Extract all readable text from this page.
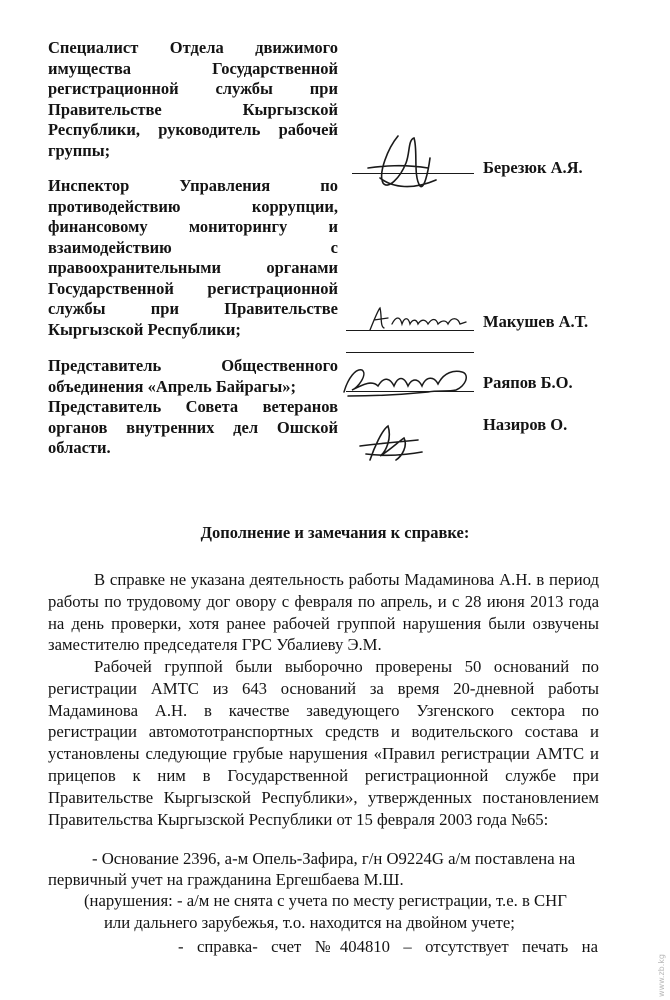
Специалист Отдела движимого имущества Государственной регистрационной службы при Правительстве Кыргызской Республики, руководитель рабочей группы;
Березюк А.Я.
Инспектор Управления по противодействию коррупции, финансовому мониторингу и взаимодействию с правоохранительными органами Государственной регистрационной службы при Правительстве Кыргызской Республики;	Макушев А.Т.
Представитель Общественного объединения «Апрель Байрагы»;	Раяпов Б.О.
Представитель Совета ветеранов органов внутренних дел Ошской области.
Назиров О.
Дополнение и замечания к справке:

В справке не указана деятельность работы Мадаминова А.Н. в период работы по трудовому дог овору с февраля по апрель, и с 28 июня 2013 года на день проверки, хотя ранее рабочей группой нарушения были озвучены заместителю председателя ГРС Убалиеву Э.М.

Рабочей группой были выборочно проверены 50 оснований по регистрации АМТС из 643 оснований за время 20-дневной работы Мадаминова А.Н. в качестве заведующего Узгенского сектора по регистрации автомототранспортных средств и водительского состава и установлены следующие грубые нарушения «Правил регистрации АМТС и прицепов к ним в Государственной регистрационной службе при Правительстве Кыргызской Республики», утвержденных постановлением Правительства Кыргызской Республики от 15 февраля 2003 года №65:

- Основание 2396, а-м Опель-Зафира, г/н O9224G а/м поставлена на
первичный учет на гражданина Ергешбаева М.Ш.
(нарушения: - а/м не снята с учета по месту регистрации, т.е. в СНГ
или дальнего зарубежья, т.о. находится на двойном учете;
- справка- счет №404810 – отсутствует печать на
www.zb.kg
